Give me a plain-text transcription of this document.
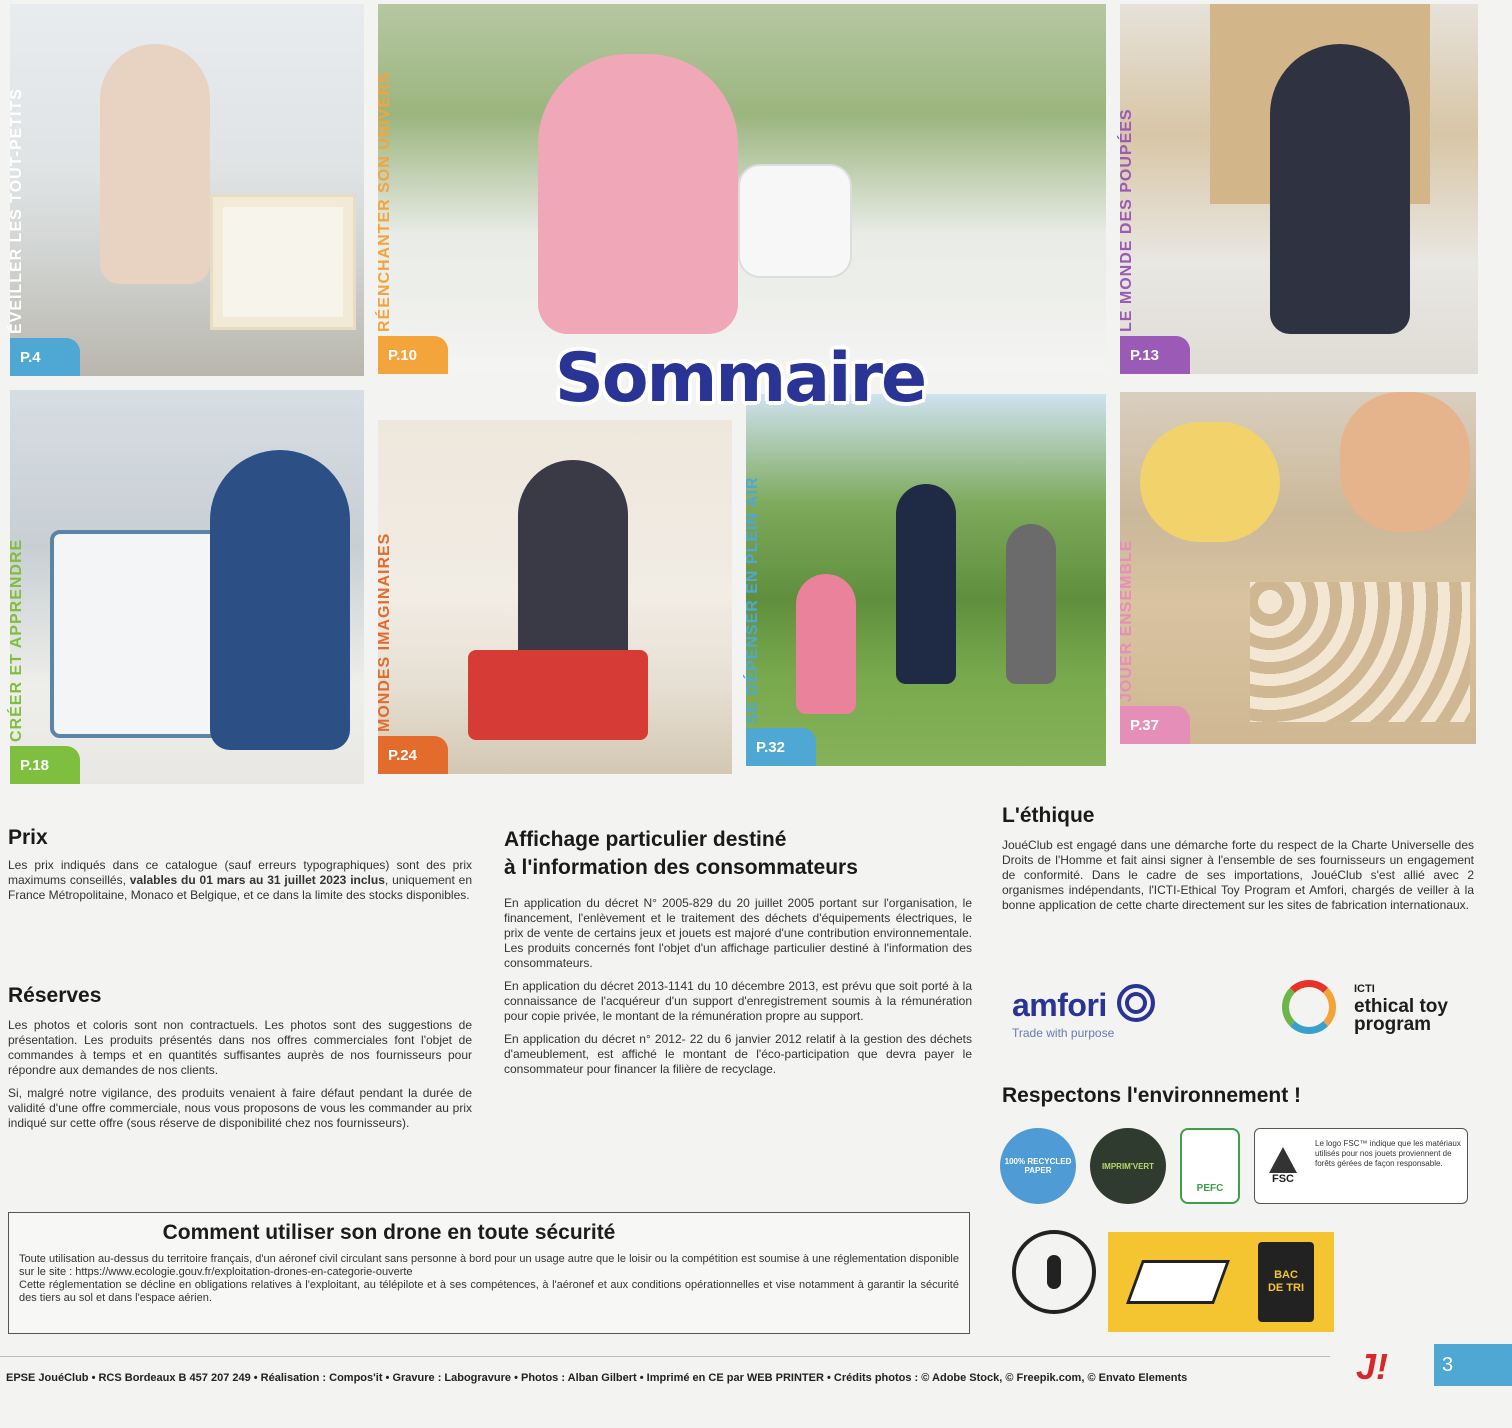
ÉVEILLER LES TOUT-PETITS
P.4
RÉENCHANTER SON UNIVERS
P.10
LE MONDE DES POUPÉES
P.13
CRÉER ET APPRENDRE
P.18
MONDES IMAGINAIRES
P.24
SE DÉPENSER EN PLEIN AIR
P.32
JOUER ENSEMBLE
P.37
Sommaire
Prix
Les prix indiqués dans ce catalogue (sauf erreurs typographiques) sont des prix maximums conseillés, valables du 01 mars au 31 juillet 2023 inclus, uniquement en France Métropolitaine, Monaco et Belgique, et ce dans la limite des stocks disponibles.
Réserves

Les photos et coloris sont non contractuels. Les photos sont des suggestions de présentation. Les produits présentés dans nos offres commerciales font l'objet de commandes à temps et en quantités suffisantes auprès de nos fournisseurs pour répondre aux demandes de nos clients.

Si, malgré notre vigilance, des produits venaient à faire défaut pendant la durée de validité d'une offre commerciale, nous vous proposons de vous les commander au prix indiqué sur cette offre (sous réserve de disponibilité chez nos fournisseurs).

Affichage particulier destiné
à l'information des consommateurs

En application du décret N° 2005-829 du 20 juillet 2005 portant sur l'organisation, le financement, l'enlèvement et le traitement des déchets d'équipements électriques, le prix de vente de certains jeux et jouets est majoré d'une contribution environnementale. Les produits concernés font l'objet d'un affichage particulier destiné à l'information des consommateurs.

En application du décret 2013-1141 du 10 décembre 2013, est prévu que soit porté à la connaissance de l'acquéreur d'un support d'enregistrement soumis à la rémunération pour copie privée, le montant de la rémunération propre au support.

En application du décret n° 2012- 22 du 6 janvier 2012 relatif à la gestion des déchets d'ameublement, est affiché le montant de l'éco-participation que devra payer le consommateur pour financer la filière de recyclage.

L'éthique

JouéClub est engagé dans une démarche forte du respect de la Charte Universelle des Droits de l'Homme et fait ainsi signer à l'ensemble de ses fournisseurs un engagement de conformité. Dans le cadre de ses importations, JouéClub s'est allié avec 2 organismes indépendants, l'ICTI-Ethical Toy Program et Amfori, chargés de veiller à la bonne application de cette charte directement sur les sites de fabrication internationaux.

amfori
Trade with purpose
ICTI
ethical toy
program
Respectons l'environnement !
100% RECYCLED PAPER	IMPRIM'VERT
PEFC
FSC
Le logo FSC™ indique que les matériaux utilisés pour nos jouets proviennent de forêts gérées de façon responsable.
BAC DE TRI
Comment utiliser son drone en toute sécurité
Toute utilisation au-dessus du territoire français, d'un aéronef civil circulant sans personne à bord pour un usage autre que le loisir ou la compétition est soumise à une réglementation disponible sur le site : https://www.ecologie.gouv.fr/exploitation-drones-en-categorie-ouverte
Cette réglementation se décline en obligations relatives à l'exploitant, au télépilote et à ses compétences, à l'aéronef et aux conditions opérationnelles et vise notamment à garantir la sécurité des tiers au sol et dans l'espace aérien.
EPSE JouéClub • RCS Bordeaux B 457 207 249 • Réalisation : Compos'it • Gravure : Labogravure • Photos : Alban Gilbert • Imprimé en CE par WEB PRINTER • Crédits photos : © Adobe Stock, © Freepik.com, © Envato Elements	J!	3
